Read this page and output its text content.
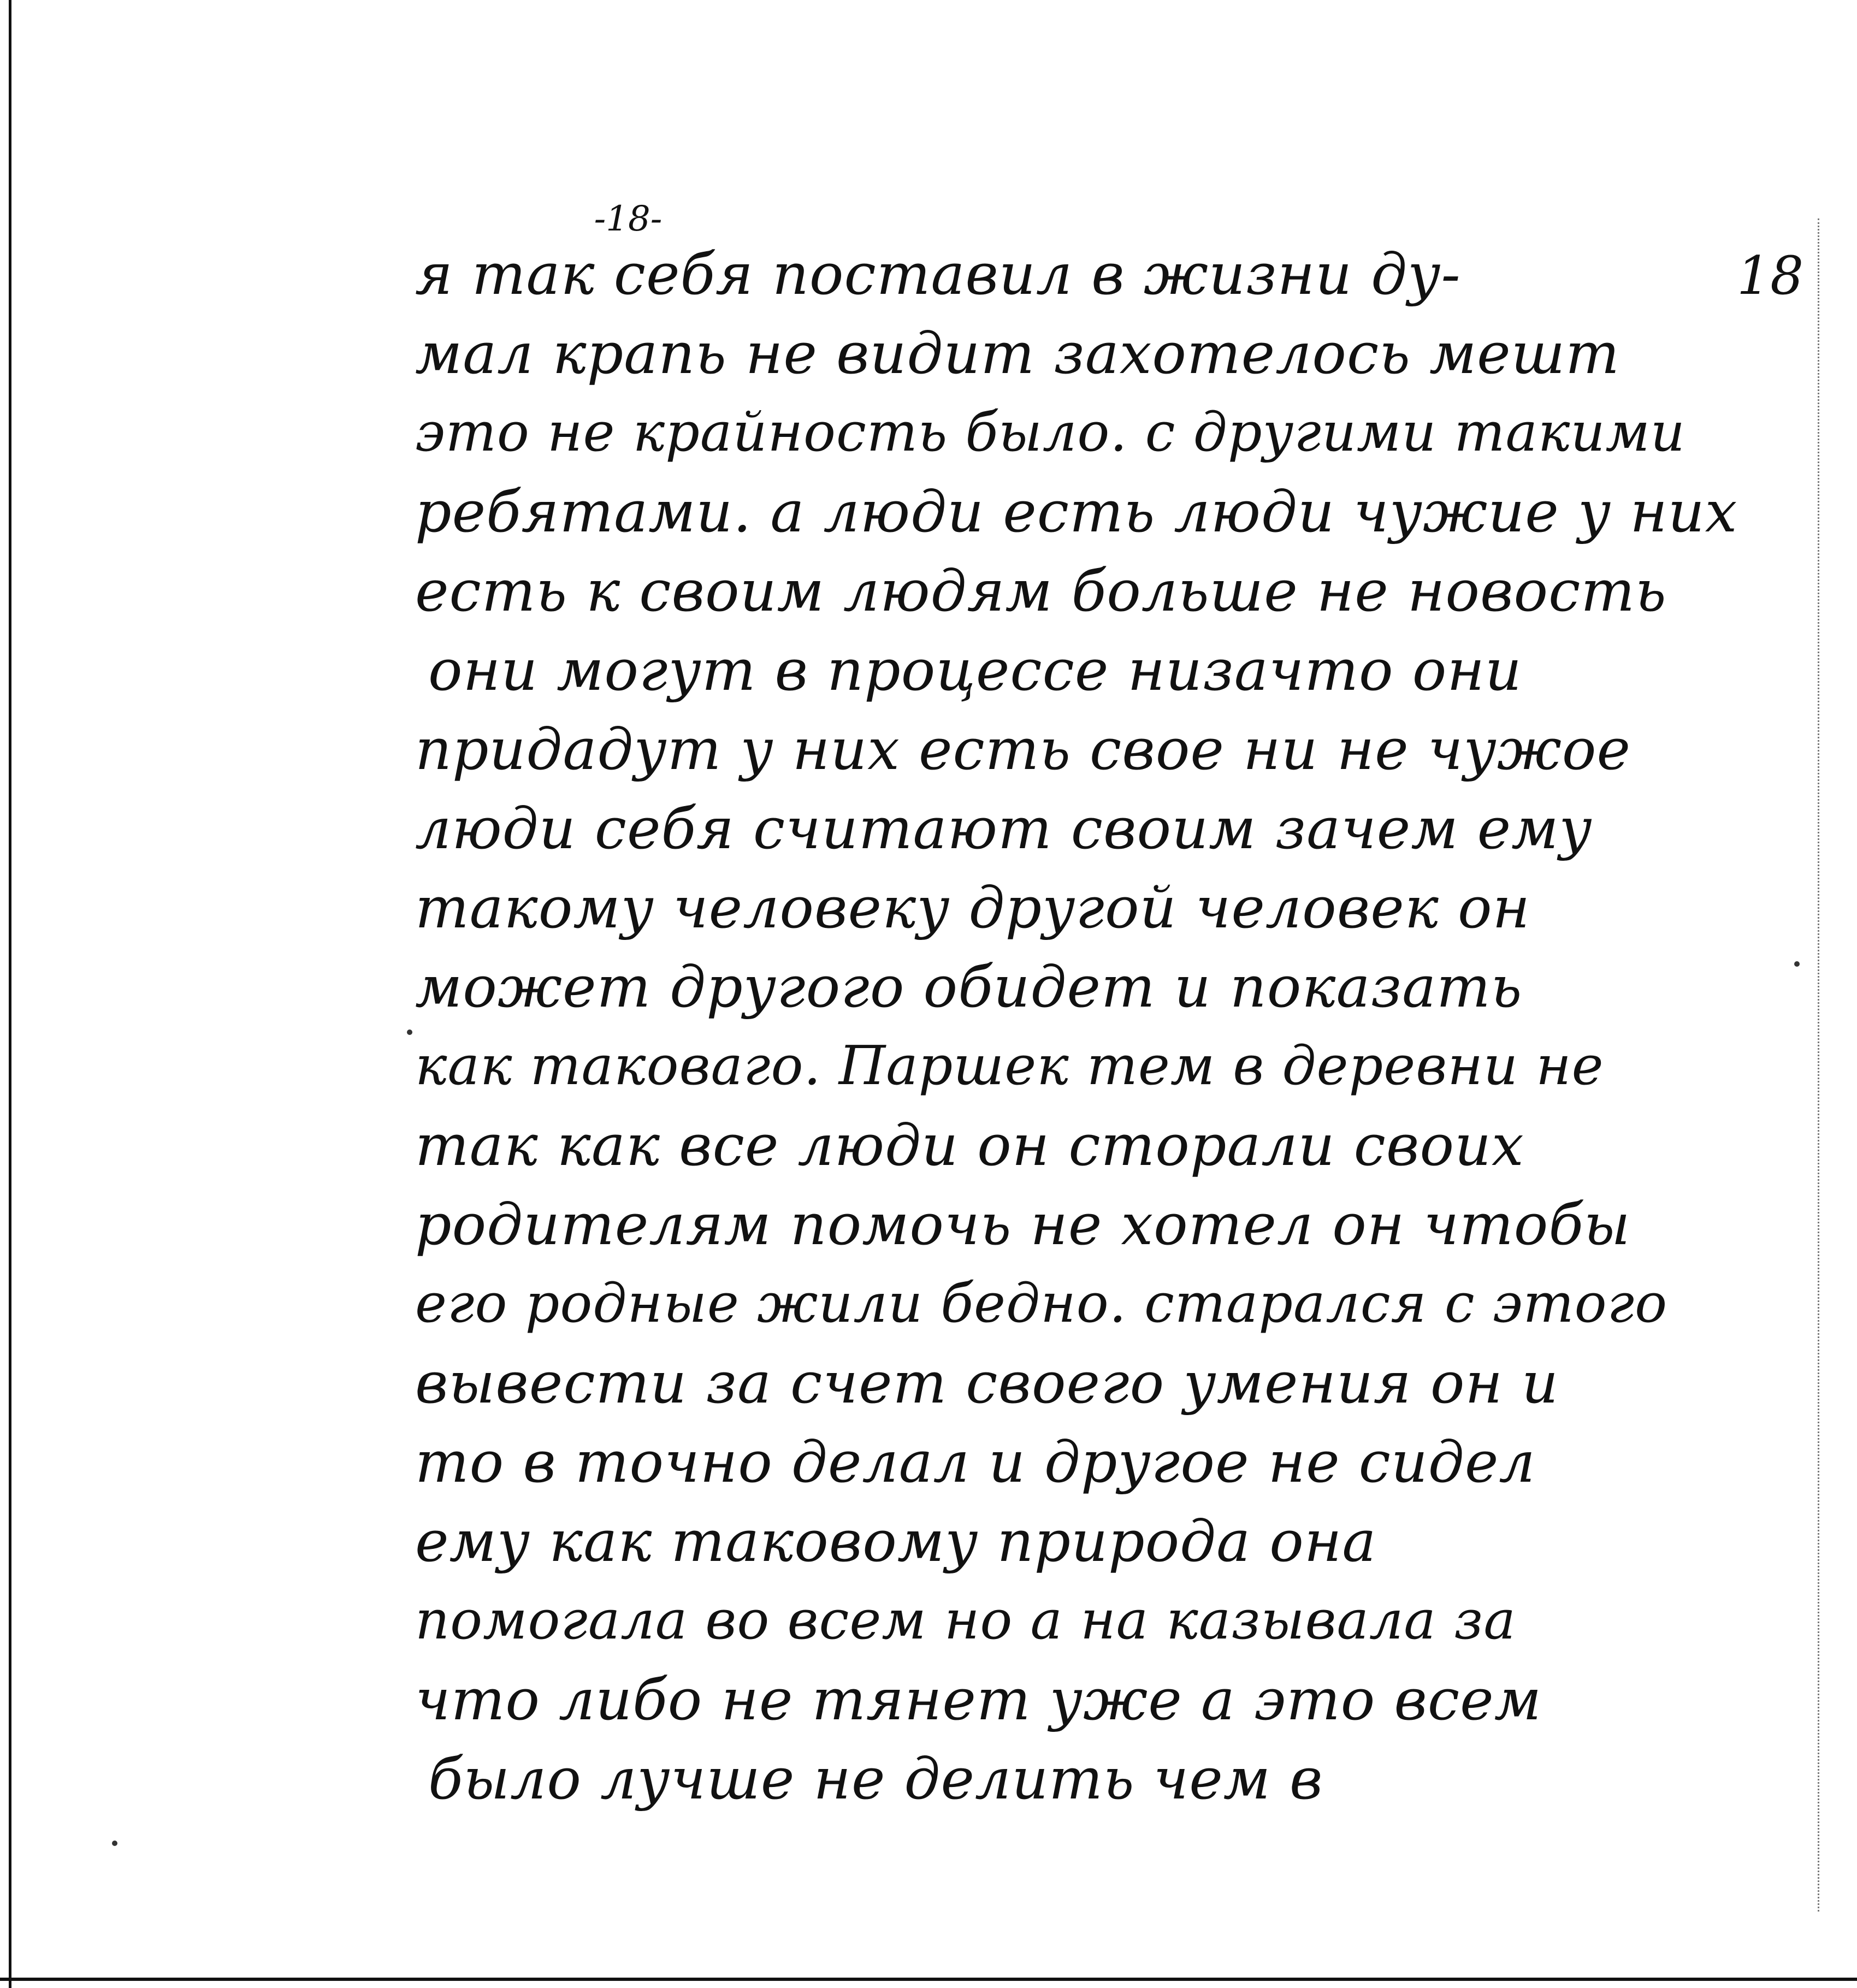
-18-
18
я так себя поставил в жизни ду-
мал крапь не видит захотелось мешт
это не крайность было. с другими такими
ребятами. а люди есть люди чужие у них
есть к своим людям больше не новость
они могут в процессе низачто они
придадут у них есть свое ни не чужое
люди себя считают своим зачем ему
такому человеку другой человек он
может другого обидет и показать
как таковаго. Паршек тем в деревни не
так как все люди он сторали своих
родителям помочь не хотел он чтобы
его родные жили бедно. старался с этого
вывести за счет своего умения он и
то в точно делал и другое не сидел
ему как таковому природа она
помогала во всем но а на казывала за
что либо не тянет уже а это всем
было лучше не делить чем в
